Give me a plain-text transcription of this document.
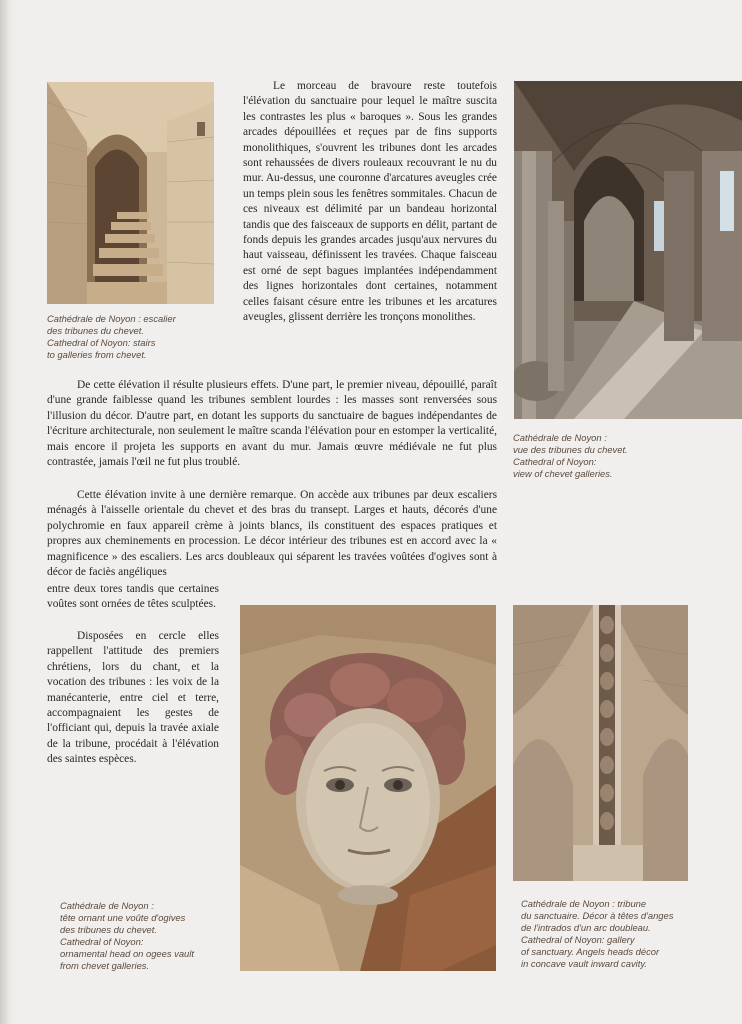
Cathédrale de Noyon : escalier
des tribunes du chevet.
Cathedral of Noyon: stairs
to galleries from chevet.

Cathédrale de Noyon :
vue des tribunes du chevet.
Cathedral of Noyon:
view of chevet galleries.

Le morceau de bravoure reste toutefois l'élévation du sanctuaire pour lequel le maître suscita les contrastes les plus « baroques ». Sous les grandes arcades dépouillées et reçues par de fins supports monolithiques, s'ouvrent les tribunes dont les arcades sont rehaussées de divers rouleaux recouvrant le nu du mur. Au-dessus, une couronne d'arcatures aveugles crée un temps plein sous les fenêtres sommitales. Chacun de ces niveaux est délimité par un bandeau horizontal tandis que des faisceaux de supports en délit, partant de fonds depuis les grandes arcades jusqu'aux nervures du haut vaisseau, définissent les travées. Chaque faisceau est orné de sept bagues implantées indépendamment des lignes horizontales dont certaines, notamment celles faisant césure entre les tribunes et les arcatures aveugles, glissent derrière les tronçons monolithes.

De cette élévation il résulte plusieurs effets. D'une part, le premier niveau, dépouillé, paraît d'une grande faiblesse quand les tribunes semblent lourdes : les masses sont renversées sous l'illusion du décor. D'autre part, en dotant les supports du sanctuaire de bagues indépendantes de l'écriture architecturale, non seulement le maître scanda l'élévation pour en estomper la verticalité, mais encore il projeta les supports en avant du mur. Jamais œuvre médiévale ne fut plus contrastée, jamais l'œil ne fut plus troublé.

Cette élévation invite à une dernière remarque. On accède aux tribunes par deux escaliers ménagés à l'aisselle orientale du chevet et des bras du transept. Larges et hauts, décorés d'une polychromie en faux appareil crème à joints blancs, ils constituent des espaces pratiques et propres aux cheminements en procession. Le décor intérieur des tribunes est en accord avec la « magnificence » des escaliers. Les arcs doubleaux qui séparent les travées voûtées d'ogives sont à décor de faciès angéliques

entre deux tores tandis que certaines voûtes sont ornées de têtes sculptées.

Disposées en cercle elles rappellent l'attitude des premiers chrétiens, lors du chant, et la vocation des tribunes : les voix de la manécanterie, entre ciel et terre, accompagnaient les gestes de l'officiant qui, depuis la travée axiale de la tribune, procédait à l'élévation des saintes espèces.

Cathédrale de Noyon :
tête ornant une voûte d'ogives
des tribunes du chevet.
Cathedral of Noyon:
ornamental head on ogees vault
from chevet galleries.

Cathédrale de Noyon : tribune
du sanctuaire. Décor à têtes d'anges
de l'intrados d'un arc doubleau.
Cathedral of Noyon: gallery
of sanctuary. Angels heads décor
in concave vault inward cavity.
